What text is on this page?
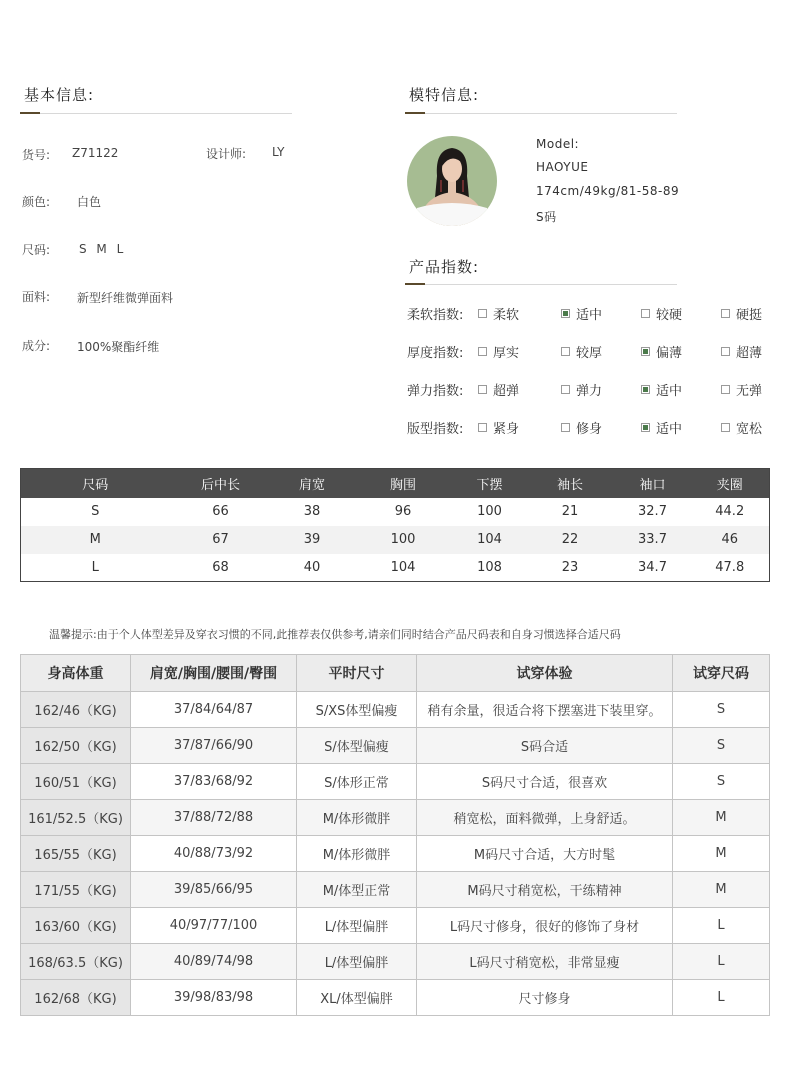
基本信息:
货号: Z71122	设计师: LY
颜色: 白色
尺码: S M L
面料: 新型纤维微弹面料
成分: 100%聚酯纤维
模特信息:
Model:
HAOYUE
174cm/49kg/81-58-89
S码
产品指数:
柔软指数: 柔软	适中	较硬	硬挺
厚度指数: 厚实	较厚	偏薄	超薄
弹力指数: 超弹	弹力	适中	无弹
版型指数: 紧身	修身	适中	宽松
尺码	后中长	肩宽	胸围	下摆	袖长	袖口	夹圈
S	66	38	96	100	21	32.7	44.2
M	67	39	100	104	22	33.7	46
L	68	40	104	108	23	34.7	47.8
温馨提示:由于个人体型差异及穿衣习惯的不同,此推荐表仅供参考,请亲们同时结合产品尺码表和自身习惯选择合适尺码
身高体重	肩宽/胸围/腰围/臀围	平时尺寸	试穿体验	试穿尺码
162/46（KG)	37/84/64/87	S/XS体型偏瘦	稍有余量，很适合将下摆塞进下装里穿。	S
162/50（KG)	37/87/66/90	S/体型偏瘦	S码合适	S
160/51（KG)	37/83/68/92	S/体形正常	S码尺寸合适，很喜欢	S
161/52.5（KG)	37/88/72/88	M/体形微胖	稍宽松，面料微弹，上身舒适。	M
165/55（KG)	40/88/73/92	M/体形微胖	M码尺寸合适，大方时髦	M
171/55（KG)	39/85/66/95	M/体型正常	M码尺寸稍宽松，干练精神	M
163/60（KG)	40/97/77/100	L/体型偏胖	L码尺寸修身，很好的修饰了身材	L
168/63.5（KG)	40/89/74/98	L/体型偏胖	L码尺寸稍宽松，非常显瘦	L
162/68（KG)	39/98/83/98	XL/体型偏胖	尺寸修身	L
